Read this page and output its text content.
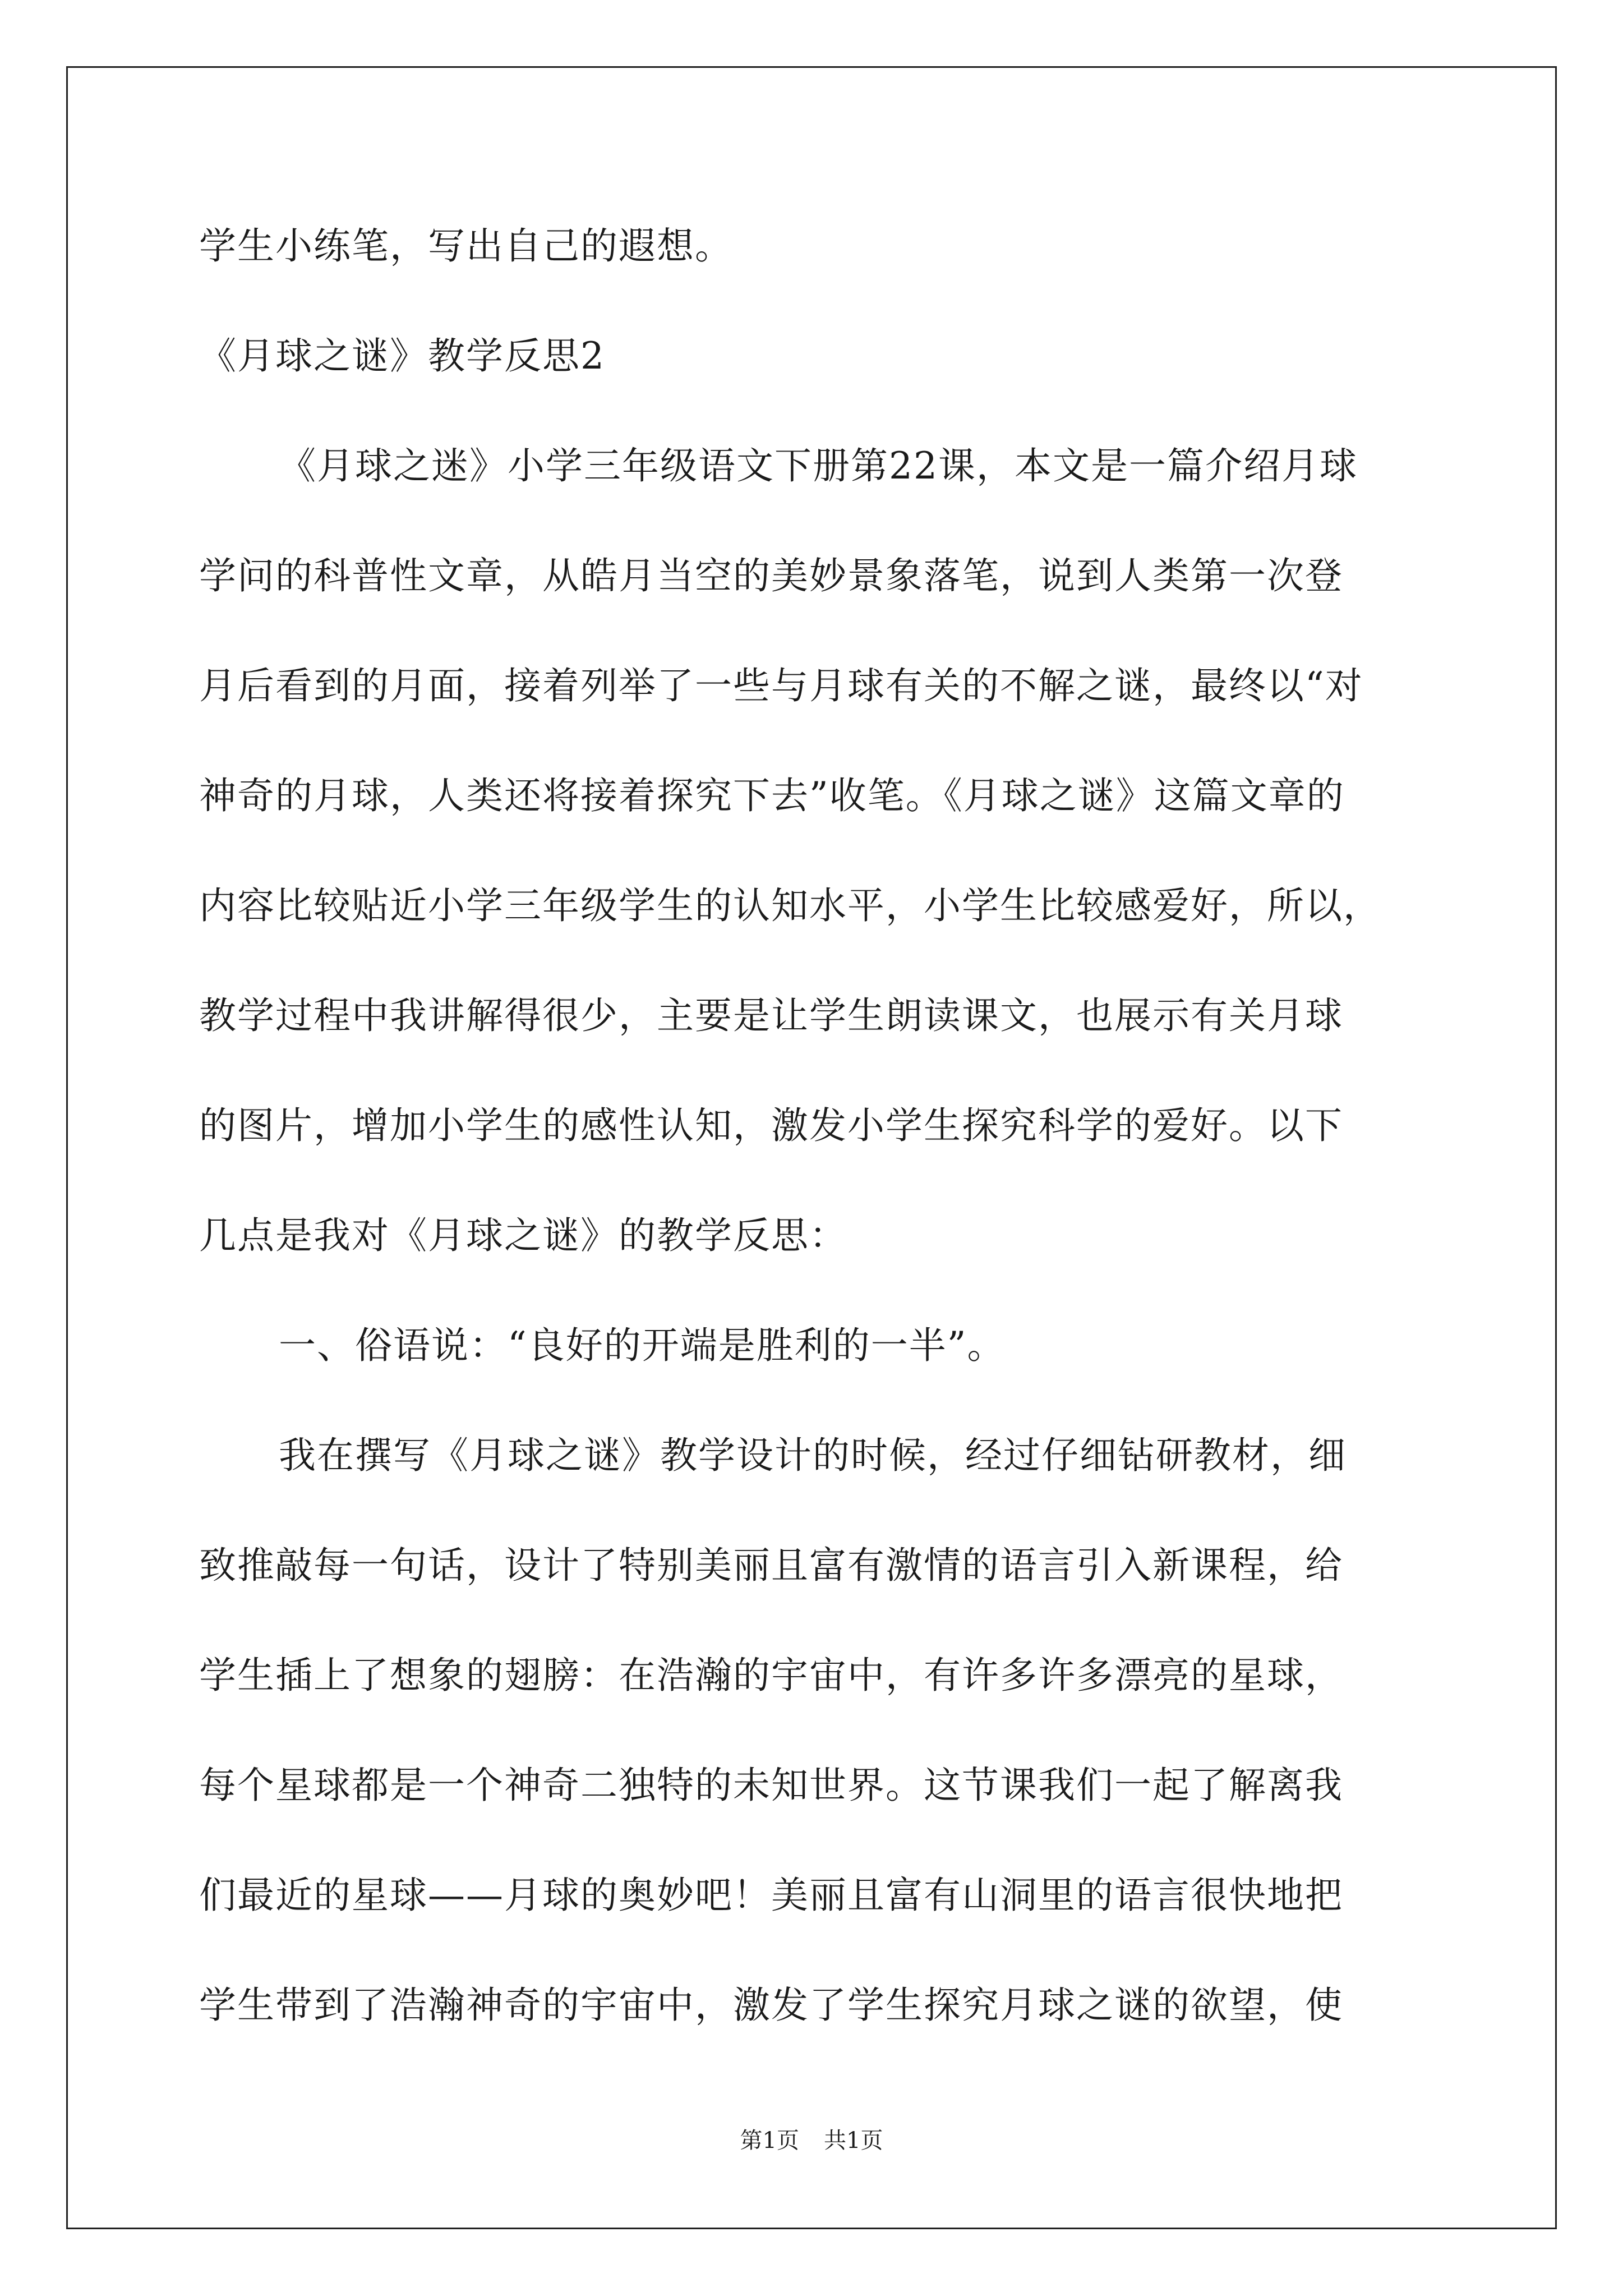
学生小练笔，写出自己的遐想。
《月球之谜》教学反思2
《月球之迷》小学三年级语文下册第22课，本文是一篇介绍月球
学问的科普性文章，从皓月当空的美妙景象落笔，说到人类第一次登
月后看到的月面，接着列举了一些与月球有关的不解之谜，最终以“对
神奇的月球，人类还将接着探究下去”收笔。《月球之谜》这篇文章的
内容比较贴近小学三年级学生的认知水平，小学生比较感爱好，所以，
教学过程中我讲解得很少，主要是让学生朗读课文，也展示有关月球
的图片，增加小学生的感性认知，激发小学生探究科学的爱好。以下
几点是我对《月球之谜》的教学反思：
一、俗语说：“良好的开端是胜利的一半”。
我在撰写《月球之谜》教学设计的时候，经过仔细钻研教材，细
致推敲每一句话，设计了特别美丽且富有激情的语言引入新课程，给
学生插上了想象的翅膀：在浩瀚的宇宙中，有许多许多漂亮的星球，
每个星球都是一个神奇二独特的未知世界。这节课我们一起了解离我
们最近的星球——月球的奥妙吧！美丽且富有山洞里的语言很快地把
学生带到了浩瀚神奇的宇宙中，激发了学生探究月球之谜的欲望，使
第1页 共1页
